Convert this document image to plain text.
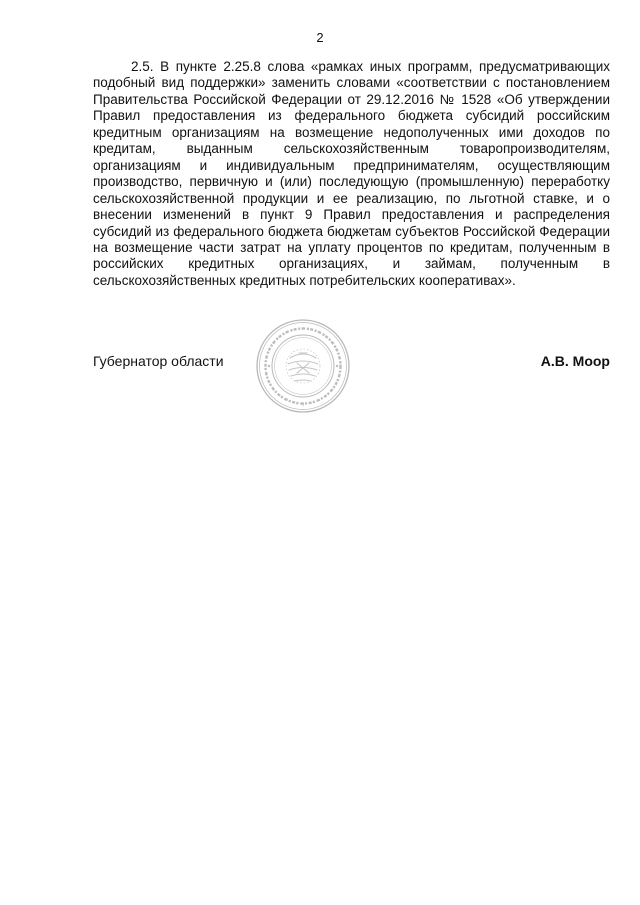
2

2.5. В пункте 2.25.8 слова «рамках иных программ, предусматривающих подобный вид поддержки» заменить словами «соответствии с постановлением Правительства Российской Федерации от 29.12.2016 № 1528 «Об утверждении Правил предоставления из федерального бюджета субсидий российским кредитным организациям на возмещение недополученных ими доходов по кредитам, выданным сельскохозяйственным товаропроизводителям, организациям и индивидуальным предпринимателям, осуществляющим производство, первичную и (или) последующую (промышленную) переработку сельскохозяйственной продукции и ее реализацию, по льготной ставке, и о внесении изменений в пункт 9 Правил предоставления и распределения субсидий из федерального бюджета бюджетам субъектов Российской Федерации на возмещение части затрат на уплату процентов по кредитам, полученным в российских кредитных организациях, и займам, полученным в сельскохозяйственных кредитных потребительских кооперативах».

Губернатор области	А.В. Моор
